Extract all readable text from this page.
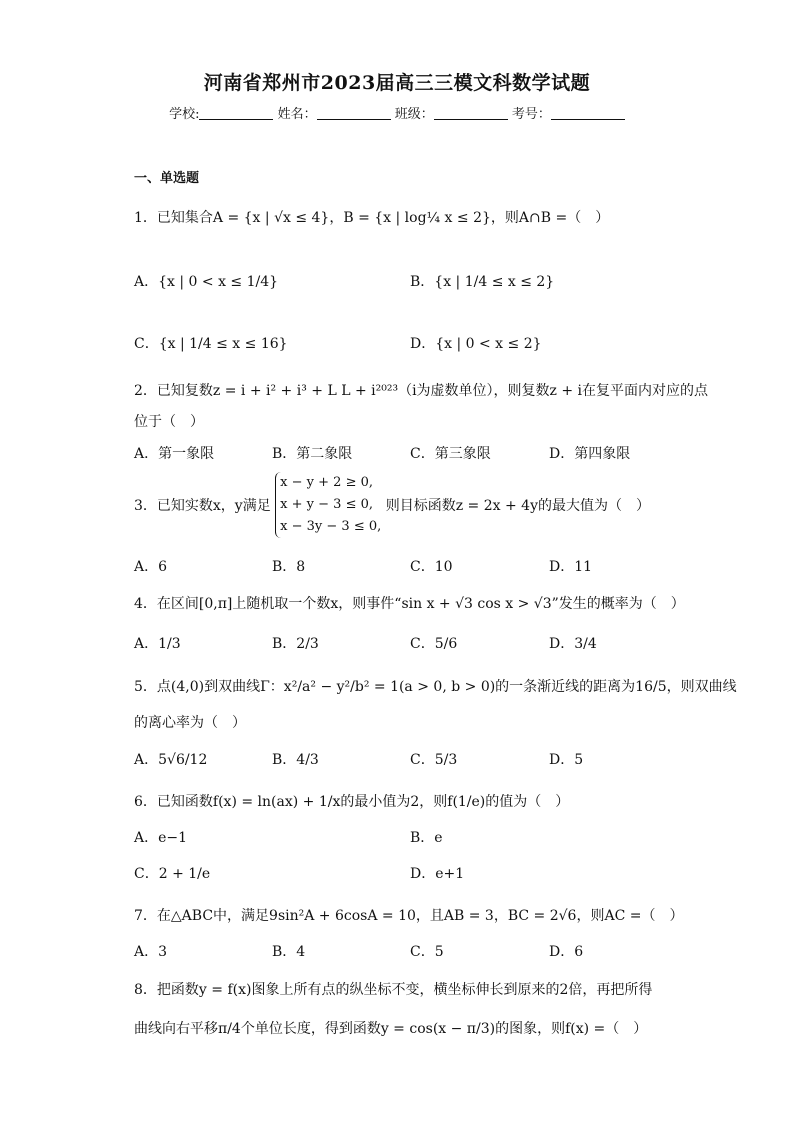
河南省郑州市2023届高三三模文科数学试题
学校:	姓名：	班级：	考号：
一、单选题
1．已知集合A = {x | √x ≤ 4}，B = {x | log¼ x ≤ 2}，则A∩B =（　）
A．{x | 0 < x ≤ 1/4}	B．{x | 1/4 ≤ x ≤ 2}
C．{x | 1/4 ≤ x ≤ 16}	D．{x | 0 < x ≤ 2}
2．已知复数z = i + i² + i³ + L L + i²⁰²³（i为虚数单位），则复数z + i在复平面内对应的点
位于（　）
A．第一象限	B．第二象限	C．第三象限	D．第四象限
3．已知实数x，y满足
x − y + 2 ≥ 0,
x + y − 3 ≤ 0,
x − 3y − 3 ≤ 0,
则目标函数z = 2x + 4y的最大值为（　）
A．6	B．8	C．10	D．11
4．在区间[0,π]上随机取一个数x，则事件“sin x + √3 cos x > √3”发生的概率为（　）
A．1/3	B．2/3	C．5/6	D．3/4
5．点(4,0)到双曲线Γ：x²/a² − y²/b² = 1(a > 0, b > 0)的一条渐近线的距离为16/5，则双曲线
的离心率为（　）
A．5√6/12	B．4/3	C．5/3	D．5
6．已知函数f(x) = ln(ax) + 1/x的最小值为2，则f(1/e)的值为（　）
A．e−1	B．e
C．2 + 1/e	D．e+1
7．在△ABC中，满足9sin²A + 6cosA = 10，且AB = 3，BC = 2√6，则AC =（　）
A．3	B．4	C．5	D．6
8．把函数y = f(x)图象上所有点的纵坐标不变，横坐标伸长到原来的2倍，再把所得
曲线向右平移π/4个单位长度，得到函数y = cos(x − π/3)的图象，则f(x) =（　）
